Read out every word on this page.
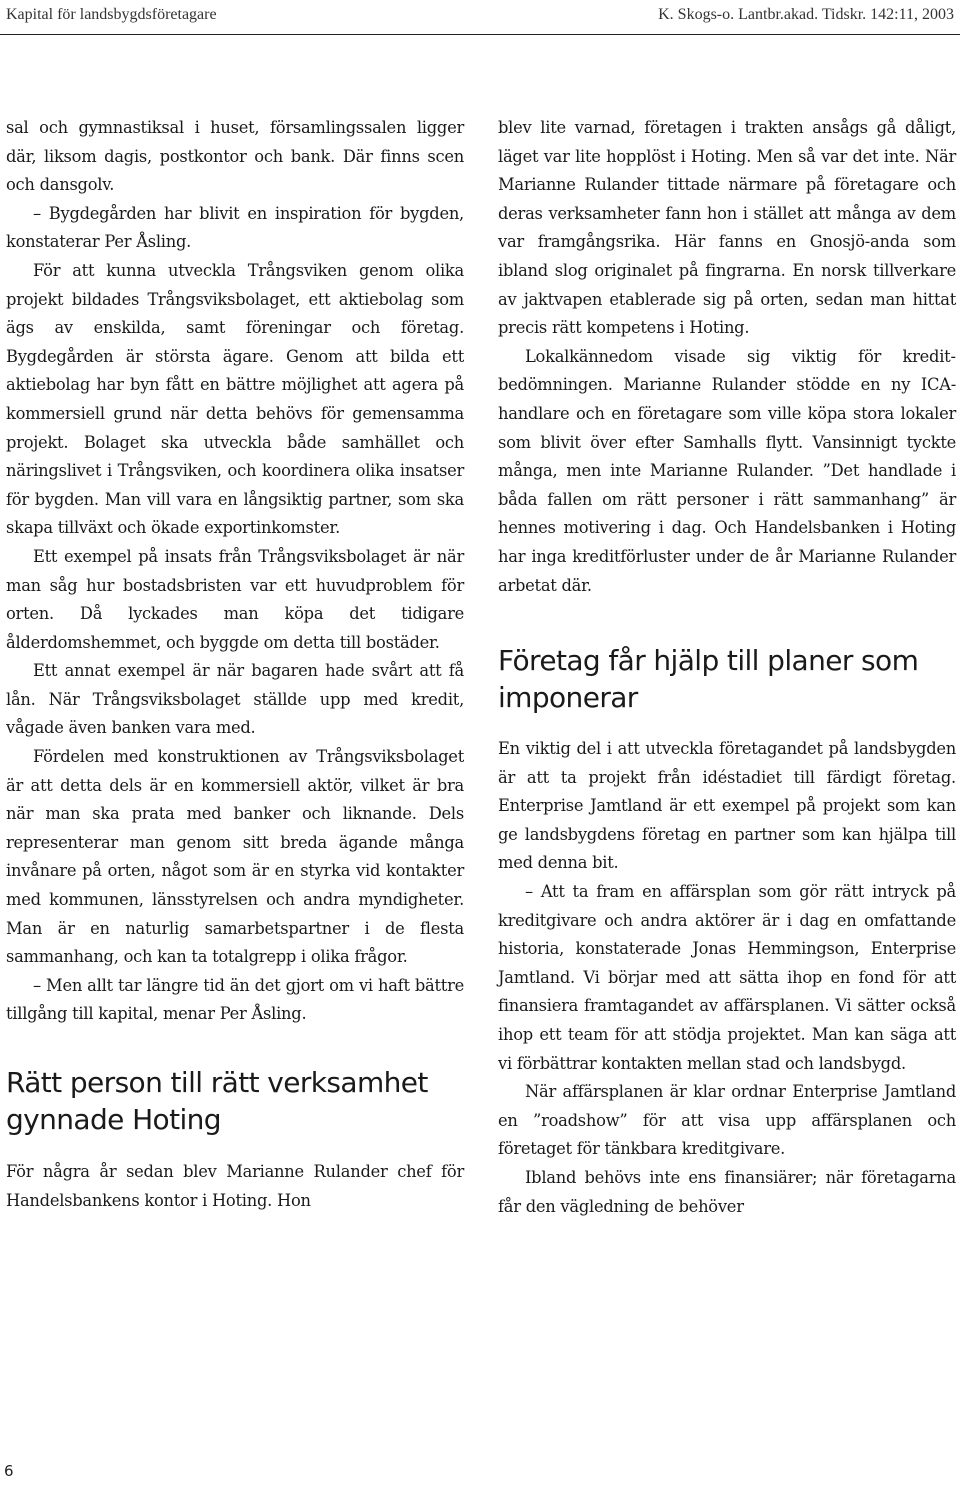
Kapital för landsbygdsföretagare	K. Skogs-o. Lantbr.akad. Tidskr. 142:11, 2003

sal och gymnastiksal i huset, församlingssalen ligger där, liksom dagis, postkontor och bank. Där finns scen och dansgolv.

– Bygdegården har blivit en inspiration för bygden, konstaterar Per Åsling.

För att kunna utveckla Trångsviken genom olika projekt bildades Trångsviksbolaget, ett aktiebolag som ägs av enskilda, samt föreningar och företag. Bygdegården är största ägare. Genom att bilda ett aktiebolag har byn fått en bättre möjlighet att agera på kommersiell grund när detta behövs för gemensamma projekt. Bolaget ska utveckla både samhället och näringslivet i Trångsviken, och koordinera olika insatser för bygden. Man vill vara en långsiktig partner, som ska skapa tillväxt och ökade exportinkomster.

Ett exempel på insats från Trångsviksbolaget är när man såg hur bostadsbristen var ett huvudproblem för orten. Då lyckades man köpa det tidigare ålderdomshemmet, och byggde om detta till bostäder.

Ett annat exempel är när bagaren hade svårt att få lån. När Trångsviksbolaget ställde upp med kredit, vågade även banken vara med.

Fördelen med konstruktionen av Trångsviksbolaget är att detta dels är en kommersiell aktör, vilket är bra när man ska prata med banker och liknande. Dels representerar man genom sitt breda ägande många invånare på orten, något som är en styrka vid kontakter med kommunen, länsstyrelsen och andra myndigheter. Man är en naturlig samarbetspartner i de flesta sammanhang, och kan ta totalgrepp i olika frågor.

– Men allt tar längre tid än det gjort om vi haft bättre tillgång till kapital, menar Per Åsling.

Rätt person till rätt verksamhet gynnade Hoting

För några år sedan blev Marianne Rulander chef för Handelsbankens kontor i Hoting. Hon

blev lite varnad, företagen i trakten ansågs gå dåligt, läget var lite hopplöst i Hoting. Men så var det inte. När Marianne Rulander tittade närmare på företagare och deras verksamheter fann hon i stället att många av dem var framgångsrika. Här fanns en Gnosjö-anda som ibland slog originalet på fingrarna. En norsk tillverkare av jaktvapen etablerade sig på orten, sedan man hittat precis rätt kompetens i Hoting.

Lokalkännedom visade sig viktig för kreditbedömningen. Marianne Rulander stödde en ny ICA-handlare och en företagare som ville köpa stora lokaler som blivit över efter Samhalls flytt. Vansinnigt tyckte många, men inte Marianne Rulander. ”Det handlade i båda fallen om rätt personer i rätt sammanhang” är hennes motivering i dag. Och Handelsbanken i Hoting har inga kreditförluster under de år Marianne Rulander arbetat där.

Företag får hjälp till planer som imponerar

En viktig del i att utveckla företagandet på landsbygden är att ta projekt från idéstadiet till färdigt företag. Enterprise Jamtland är ett exempel på projekt som kan ge landsbygdens företag en partner som kan hjälpa till med denna bit.

– Att ta fram en affärsplan som gör rätt intryck på kreditgivare och andra aktörer är i dag en omfattande historia, konstaterade Jonas Hemmingson, Enterprise Jamtland. Vi börjar med att sätta ihop en fond för att finansiera framtagandet av affärsplanen. Vi sätter också ihop ett team för att stödja projektet. Man kan säga att vi förbättrar kontakten mellan stad och landsbygd.

När affärsplanen är klar ordnar Enterprise Jamtland en ”roadshow” för att visa upp affärsplanen och företaget för tänkbara kreditgivare.

Ibland behövs inte ens finansiärer; när företagarna får den vägledning de behöver

6
